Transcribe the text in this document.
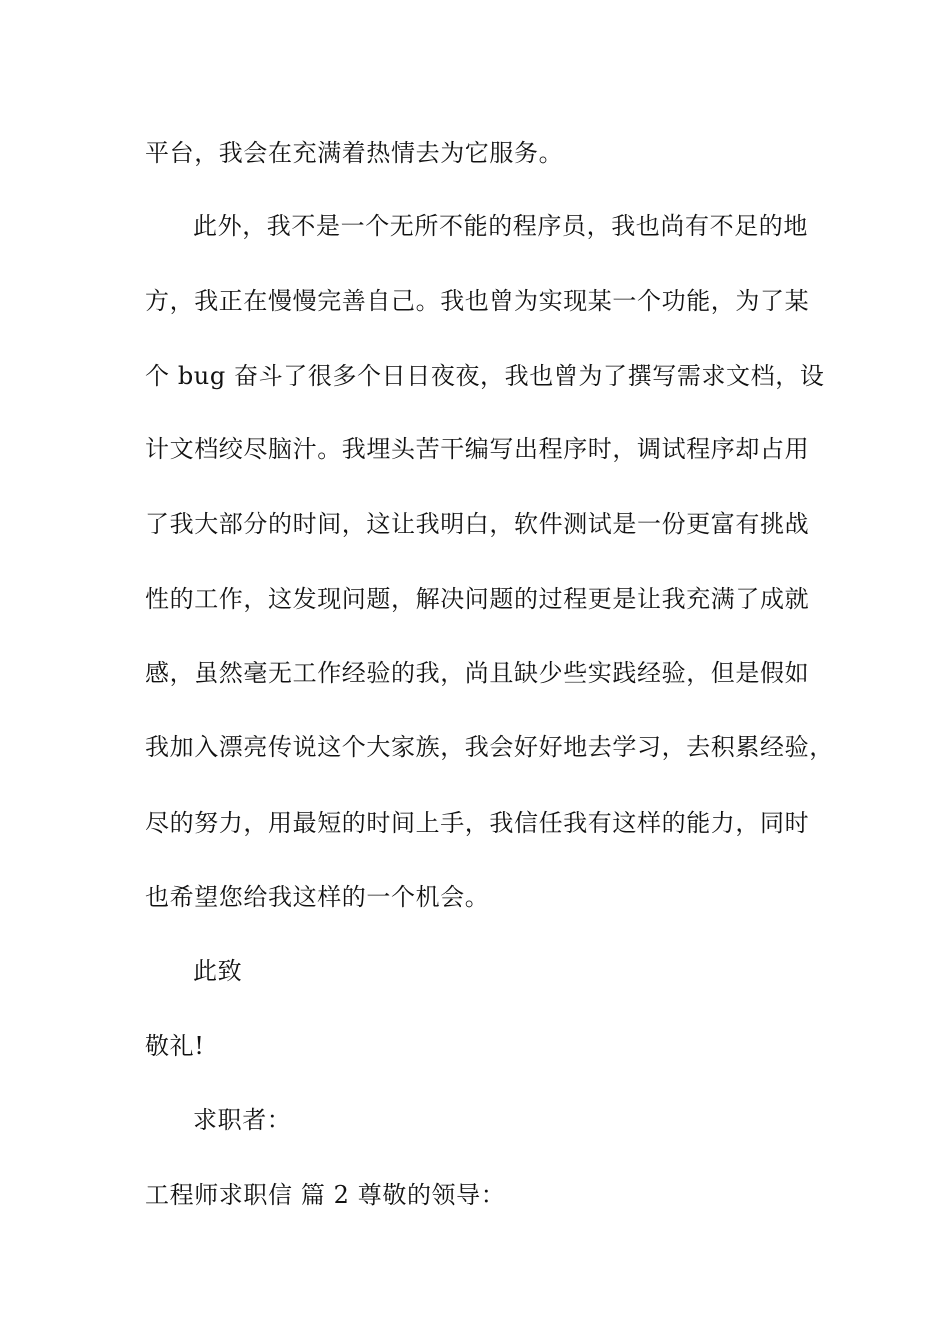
平台，我会在充满着热情去为它服务。
此外，我不是一个无所不能的程序员，我也尚有不足的地
方，我正在慢慢完善自己。我也曾为实现某一个功能，为了某
个 bug 奋斗了很多个日日夜夜，我也曾为了撰写需求文档，设
计文档绞尽脑汁。我埋头苦干编写出程序时，调试程序却占用
了我大部分的时间，这让我明白，软件测试是一份更富有挑战
性的工作，这发现问题，解决问题的过程更是让我充满了成就
感，虽然毫无工作经验的我，尚且缺少些实践经验，但是假如
我加入漂亮传说这个大家族，我会好好地去学习，去积累经验，
尽的努力，用最短的时间上手，我信任我有这样的能力，同时
也希望您给我这样的一个机会。
此致
敬礼!
求职者：
工程师求职信 篇 2 尊敬的领导：
